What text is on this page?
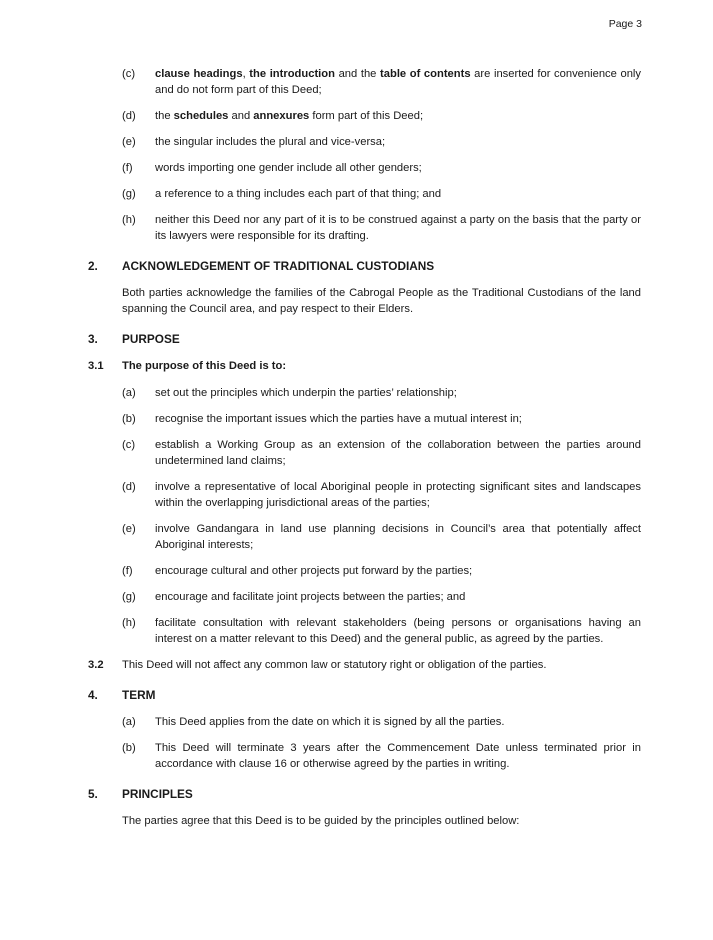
Page 3
(c)	clause headings, the introduction and the table of contents are inserted for convenience only and do not form part of this Deed;
(d)	the schedules and annexures form part of this Deed;
(e)	the singular includes the plural and vice-versa;
(f)	words importing one gender include all other genders;
(g)	a reference to a thing includes each part of that thing; and
(h)	neither this Deed nor any part of it is to be construed against a party on the basis that the party or its lawyers were responsible for its drafting.
2.	ACKNOWLEDGEMENT OF TRADITIONAL CUSTODIANS
Both parties acknowledge the families of the Cabrogal People as the Traditional Custodians of the land spanning the Council area, and pay respect to their Elders.
3.	PURPOSE
3.1	The purpose of this Deed is to:
(a)	set out the principles which underpin the parties’ relationship;
(b)	recognise the important issues which the parties have a mutual interest in;
(c)	establish a Working Group as an extension of the collaboration between the parties around undetermined land claims;
(d)	involve a representative of local Aboriginal people in protecting significant sites and landscapes within the overlapping jurisdictional areas of the parties;
(e)	involve Gandangara in land use planning decisions in Council’s area that potentially affect Aboriginal interests;
(f)	encourage cultural and other projects put forward by the parties;
(g)	encourage and facilitate joint projects between the parties; and
(h)	facilitate consultation with relevant stakeholders (being persons or organisations having an interest on a matter relevant to this Deed) and the general public, as agreed by the parties.
3.2	This Deed will not affect any common law or statutory right or obligation of the parties.
4.	TERM
(a)	This Deed applies from the date on which it is signed by all the parties.
(b)	This Deed will terminate 3 years after the Commencement Date unless terminated prior in accordance with clause 16 or otherwise agreed by the parties in writing.
5.	PRINCIPLES
The parties agree that this Deed is to be guided by the principles outlined below:
